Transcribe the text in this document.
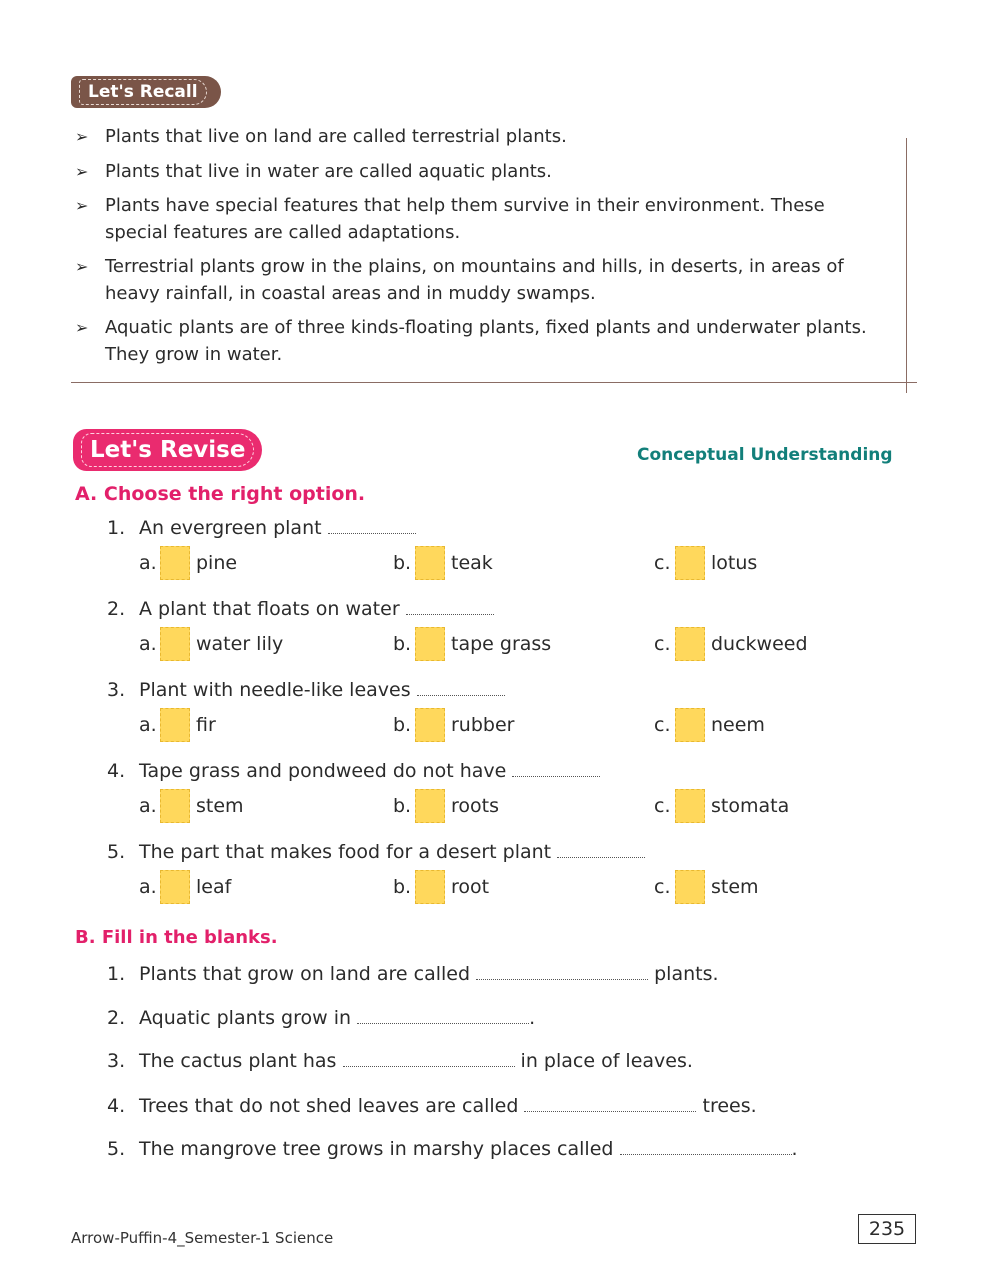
Let's Recall
➢ Plants that live on land are called terrestrial plants.
➢ Plants that live in water are called aquatic plants.
➢ Plants have special features that help them survive in their environment. These special features are called adaptations.
➢ Terrestrial plants grow in the plains, on mountains and hills, in deserts, in areas of heavy rainfall, in coastal areas and in muddy swamps.
➢ Aquatic plants are of three kinds-floating plants, fixed plants and underwater plants. They grow in water.
Let's Revise	Conceptual Understanding
A. Choose the right option.
1. An evergreen plant
a. pine	b. teak	c. lotus
2. A plant that floats on water
a. water lily	b. tape grass	c. duckweed
3. Plant with needle-like leaves
a. fir	b. rubber	c. neem
4. Tape grass and pondweed do not have
a. stem	b. roots	c. stomata
5. The part that makes food for a desert plant
a. leaf	b. root	c. stem
B. Fill in the blanks.
1. Plants that grow on land are called	plants.
2. Aquatic plants grow in	.
3. The cactus plant has	in place of leaves.
4. Trees that do not shed leaves are called	trees.
5. The mangrove tree grows in marshy places called	.
Arrow-Puffin-4_Semester-1 Science	235
